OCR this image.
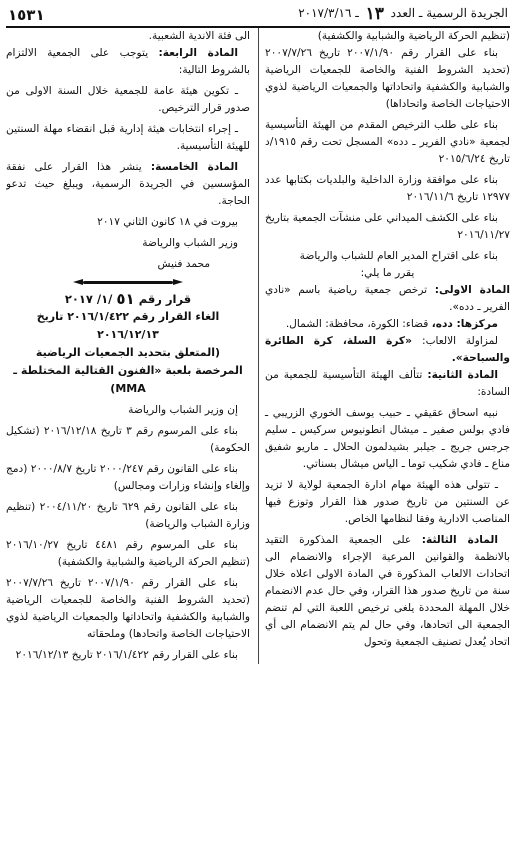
الجريدة الرسمية ـ العدد ١٣ ـ ٢٠١٧/٣/١٦
١٥٣١

(تنظيم الحركة الرياضية والشبابية والكشفية)

بناء على القرار رقم ٢٠٠٧/١/٩٠ تاريخ ٢٠٠٧/٧/٢٦ (تحديد الشروط الفنية والخاصة للجمعيات الرياضية والشبابية والكشفية واتحاداتها والجمعيات الرياضية لذوي الاحتياجات الخاصة واتحاداها)

بناء على طلب الترخيص المقدم من الهيئة التأسيسية لجمعية «نادي الفرير ـ دده» المسجل تحت رقم ١٩١٥/د تاريخ ٢٠١٥/٦/٢٤

بناء على موافقة وزارة الداخلية والبلديات بكتابها عدد ١٢٩٧٧ تاريخ ٢٠١٦/١١/٦

بناء على الكشف الميداني على منشآت الجمعية بتاريخ ٢٠١٦/١١/٢٧

بناء على اقتراح المدير العام للشباب والرياضة

يقرر ما يلي:

المادة الاولى: ترخص جمعية رياضية باسم «نادي الفرير ـ دده».

مركزها: دده، قضاء: الكورة، محافظة: الشمال.

لمزاولة الالعاب: «كرة السلة، كرة الطائرة والسباحة».

المادة الثانية: تتألف الهيئة التأسيسية للجمعية من السادة:

نبيه اسحاق عقيقي ـ حبيب يوسف الخوري الزريبي ـ فادي بولس صفير ـ ميشال انطونيوس سركيس ـ سليم جرجس جريج ـ جيلبر بشيدلمون الحلال ـ ماريو شفيق مناع ـ فادي شكيب توما ـ الياس ميشال بسناتي.

ـ تتولى هذه الهيئة مهام ادارة الجمعية لولاية لا تزيد عن السنتين من تاريخ صدور هذا القرار وتوزع فيها المناصب الادارية وفقا لنظامها الخاص.

المادة الثالثة: على الجمعية المذكورة التقيد بالانظمة والقوانين المرعية الإجراء والانضمام الى اتحادات الالعاب المذكورة في المادة الاولى اعلاه خلال سنة من تاريخ صدور هذا القرار، وفي حال عدم الانضمام خلال المهلة المحددة يلغى ترخيص اللعبة التي لم تنضم الجمعية الى اتحادها، وفي حال لم يتم الانضمام الى أي اتحاد يُعدل تصنيف الجمعية وتحول

الى فئة الاندية الشعبية.

المادة الرابعة: يتوجب على الجمعية الالتزام بالشروط التالية:

ـ تكوين هيئة عامة للجمعية خلال السنة الاولى من صدور قرار الترخيص.

ـ إجراء انتخابات هيئة إدارية قبل انقضاء مهلة السنتين للهيئة التأسيسية.

المادة الخامسة: ينشر هذا القرار على نفقة المؤسسين في الجريدة الرسمية، ويبلغ حيث تدعو الحاجة.

بيروت في ١٨ كانون الثاني ٢٠١٧

وزير الشباب والرياضة

محمد فنيش

قرار رقم ٥١ /١/ ٢٠١٧
الغاء القرار رقم ٢٠١٦/١/٤٢٢ تاريخ ٢٠١٦/١٢/١٣
(المتعلق بتحديد الجمعيات الرياضية
المرخصة بلعبة «الفنون القتالية المختلطة ـ MMA)

إن وزير الشباب والرياضة

بناء على المرسوم رقم ٣ تاريخ ٢٠١٦/١٢/١٨ (تشكيل الحكومة)

بناء على القانون رقم ٢٠٠٠/٢٤٧ تاريخ ٢٠٠٠/٨/٧ (دمج وإلغاء وإنشاء وزارات ومجالس)

بناء على القانون رقم ٦٢٩ تاريخ ٢٠٠٤/١١/٢٠ (تنظيم وزارة الشباب والرياضة)

بناء على المرسوم رقم ٤٤٨١ تاريخ ٢٠١٦/١٠/٢٧ (تنظيم الحركة الرياضية والشبابية والكشفية)

بناء على القرار رقم ٢٠٠٧/١/٩٠ تاريخ ٢٠٠٧/٧/٢٦ (تحديد الشروط الفنية والخاصة للجمعيات الرياضية والشبابية والكشفية واتحاداتها والجمعيات الرياضية لذوي الاحتياجات الخاصة واتحادها) وملحقاته

بناء على القرار رقم ٢٠١٦/١/٤٢٢ تاريخ ٢٠١٦/١٢/١٣
